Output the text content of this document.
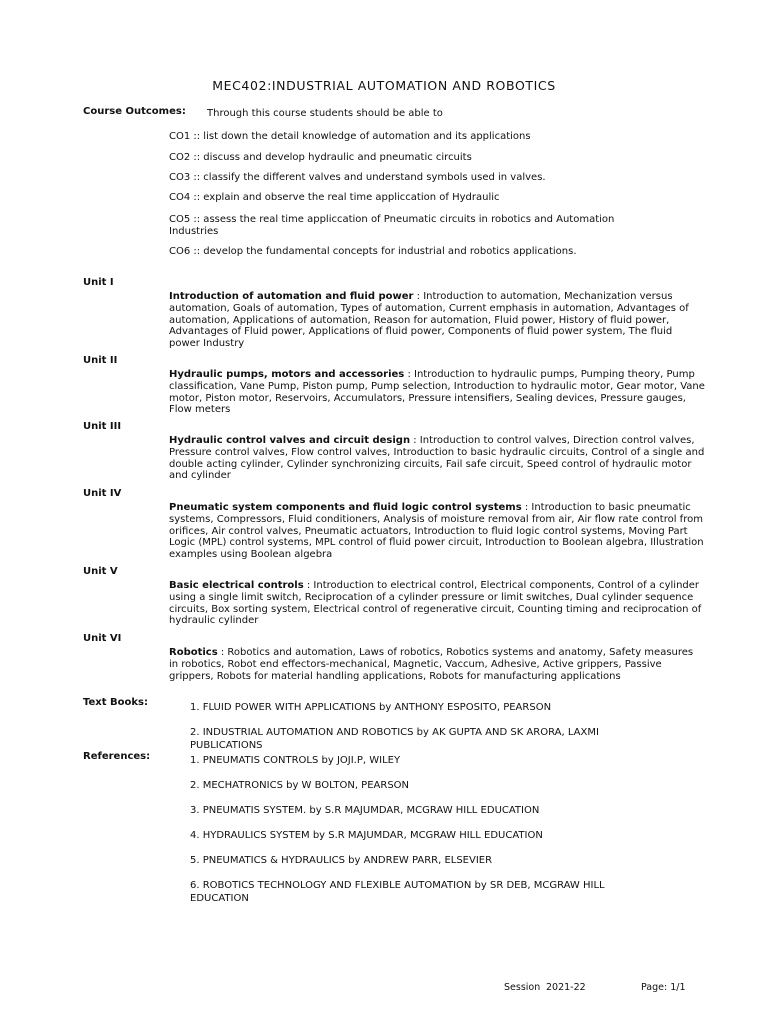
MEC402:INDUSTRIAL AUTOMATION AND ROBOTICS
Course Outcomes: Through this course students should be able to
CO1 :: list down the detail knowledge of automation and its applications
CO2 :: discuss and develop hydraulic and pneumatic circuits
CO3 :: classify the different valves and understand symbols used in valves.
CO4 :: explain and observe the real time appliccation of Hydraulic
CO5 :: assess the real time appliccation of Pneumatic circuits in robotics and Automation Industries
CO6 :: develop the fundamental concepts for industrial and robotics applications.
Unit I
Introduction of automation and fluid power : Introduction to automation, Mechanization versus automation, Goals of automation, Types of automation, Current emphasis in automation, Advantages of automation, Applications of automation, Reason for automation, Fluid power, History of fluid power, Advantages of Fluid power, Applications of fluid power, Components of fluid power system, The fluid power Industry
Unit II
Hydraulic pumps, motors and accessories : Introduction to hydraulic pumps, Pumping theory, Pump classification, Vane Pump, Piston pump, Pump selection, Introduction to hydraulic motor, Gear motor, Vane motor, Piston motor, Reservoirs, Accumulators, Pressure intensifiers, Sealing devices, Pressure gauges, Flow meters
Unit III
Hydraulic control valves and circuit design : Introduction to control valves, Direction control valves, Pressure control valves, Flow control valves, Introduction to basic hydraulic circuits, Control of a single and double acting cylinder, Cylinder synchronizing circuits, Fail safe circuit, Speed control of hydraulic motor and cylinder
Unit IV
Pneumatic system components and fluid logic control systems : Introduction to basic pneumatic systems, Compressors, Fluid conditioners, Analysis of moisture removal from air, Air flow rate control from orifices, Air control valves, Pneumatic actuators, Introduction to fluid logic control systems, Moving Part Logic (MPL) control systems, MPL control of fluid power circuit, Introduction to Boolean algebra, Illustration examples using Boolean algebra
Unit V
Basic electrical controls : Introduction to electrical control, Electrical components, Control of a cylinder using a single limit switch, Reciprocation of a cylinder pressure or limit switches, Dual cylinder sequence circuits, Box sorting system, Electrical control of regenerative circuit, Counting timing and reciprocation of hydraulic cylinder
Unit VI
Robotics : Robotics and automation, Laws of robotics, Robotics systems and anatomy, Safety measures in robotics, Robot end effectors-mechanical, Magnetic, Vaccum, Adhesive, Active grippers, Passive grippers, Robots for material handling applications, Robots for manufacturing applications
Text Books:	1. FLUID POWER WITH APPLICATIONS by ANTHONY ESPOSITO, PEARSON
2. INDUSTRIAL AUTOMATION AND ROBOTICS by AK GUPTA AND SK ARORA, LAXMI PUBLICATIONS
References:	1. PNEUMATIS CONTROLS by JOJI.P, WILEY
2. MECHATRONICS by W BOLTON, PEARSON
3. PNEUMATIS SYSTEM. by S.R MAJUMDAR, MCGRAW HILL EDUCATION
4. HYDRAULICS SYSTEM by S.R MAJUMDAR, MCGRAW HILL EDUCATION
5. PNEUMATICS & HYDRAULICS by ANDREW PARR, ELSEVIER
6. ROBOTICS TECHNOLOGY AND FLEXIBLE AUTOMATION by SR DEB, MCGRAW HILL EDUCATION
Session 2021-22	Page: 1/1
